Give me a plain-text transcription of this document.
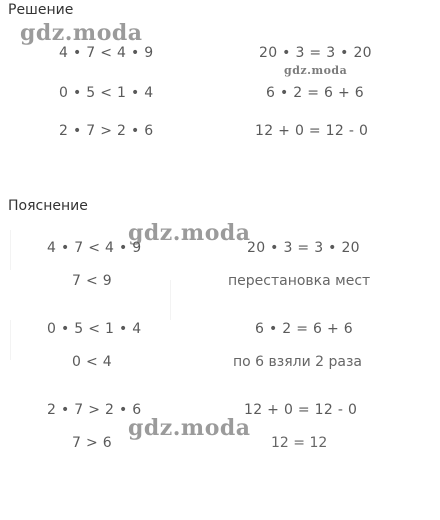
Решение
gdz.moda
4 • 7 < 4 • 9	20 • 3 = 3 • 20
gdz.moda
0 • 5 < 1 • 4	6 • 2 = 6 + 6
2 • 7 > 2 • 6	12 + 0 = 12 - 0
Пояснение
gdz.moda
4 • 7 < 4 • 9	20 • 3 = 3 • 20
7 < 9	перестановка мест
0 • 5 < 1 • 4	6 • 2 = 6 + 6
0 < 4	по 6 взяли 2 раза
2 • 7 > 2 • 6	12 + 0 = 12 - 0
7 > 6	12 = 12
gdz.moda
